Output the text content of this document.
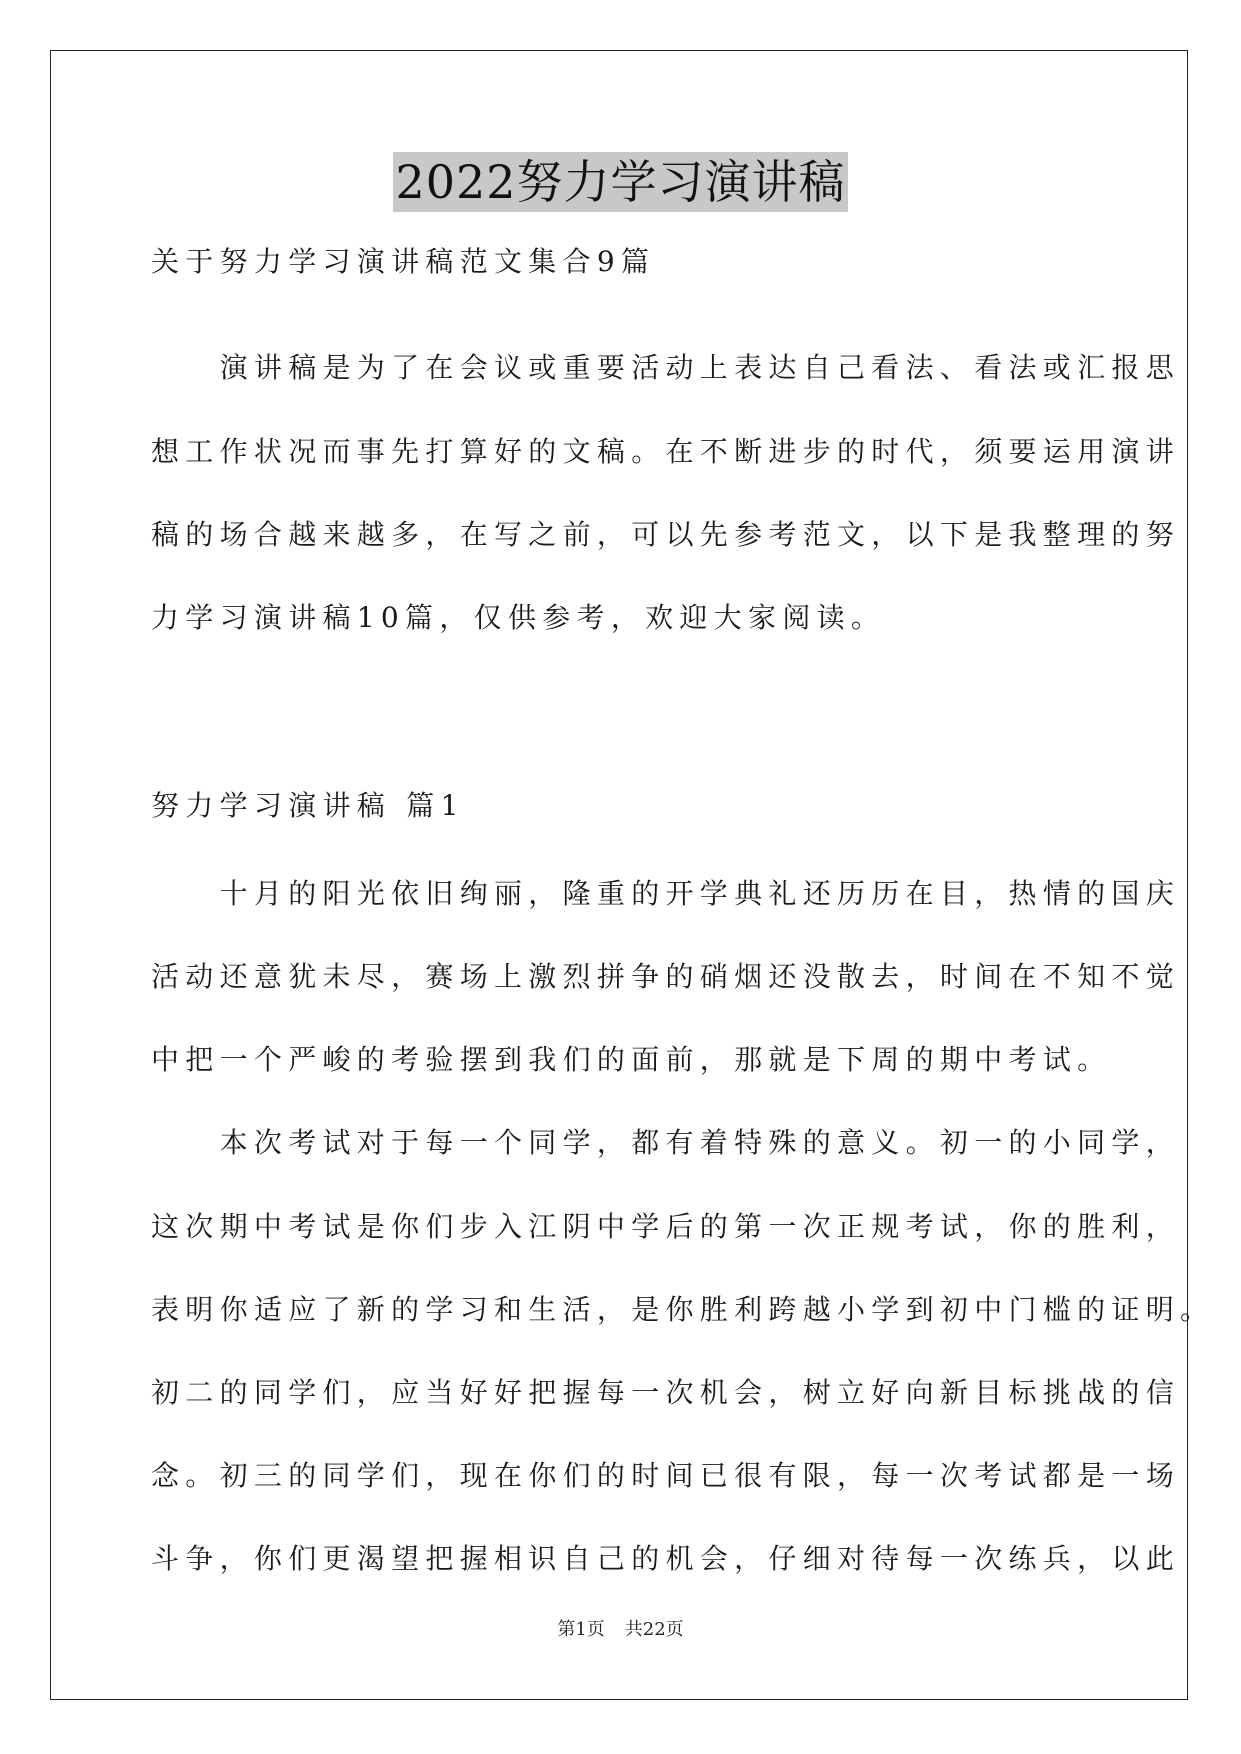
2022努力学习演讲稿
关于努力学习演讲稿范文集合9篇
　　演讲稿是为了在会议或重要活动上表达自己看法、看法或汇报思
想工作状况而事先打算好的文稿。在不断进步的时代，须要运用演讲
稿的场合越来越多，在写之前，可以先参考范文，以下是我整理的努
力学习演讲稿10篇，仅供参考，欢迎大家阅读。
努力学习演讲稿 篇1
　　十月的阳光依旧绚丽，隆重的开学典礼还历历在目，热情的国庆
活动还意犹未尽，赛场上激烈拼争的硝烟还没散去，时间在不知不觉
中把一个严峻的考验摆到我们的面前，那就是下周的期中考试。
　　本次考试对于每一个同学，都有着特殊的意义。初一的小同学，
这次期中考试是你们步入江阴中学后的第一次正规考试，你的胜利，
表明你适应了新的学习和生活，是你胜利跨越小学到初中门槛的证明。
初二的同学们，应当好好把握每一次机会，树立好向新目标挑战的信
念。初三的同学们，现在你们的时间已很有限，每一次考试都是一场
斗争，你们更渴望把握相识自己的机会，仔细对待每一次练兵，以此
第1页 共22页
